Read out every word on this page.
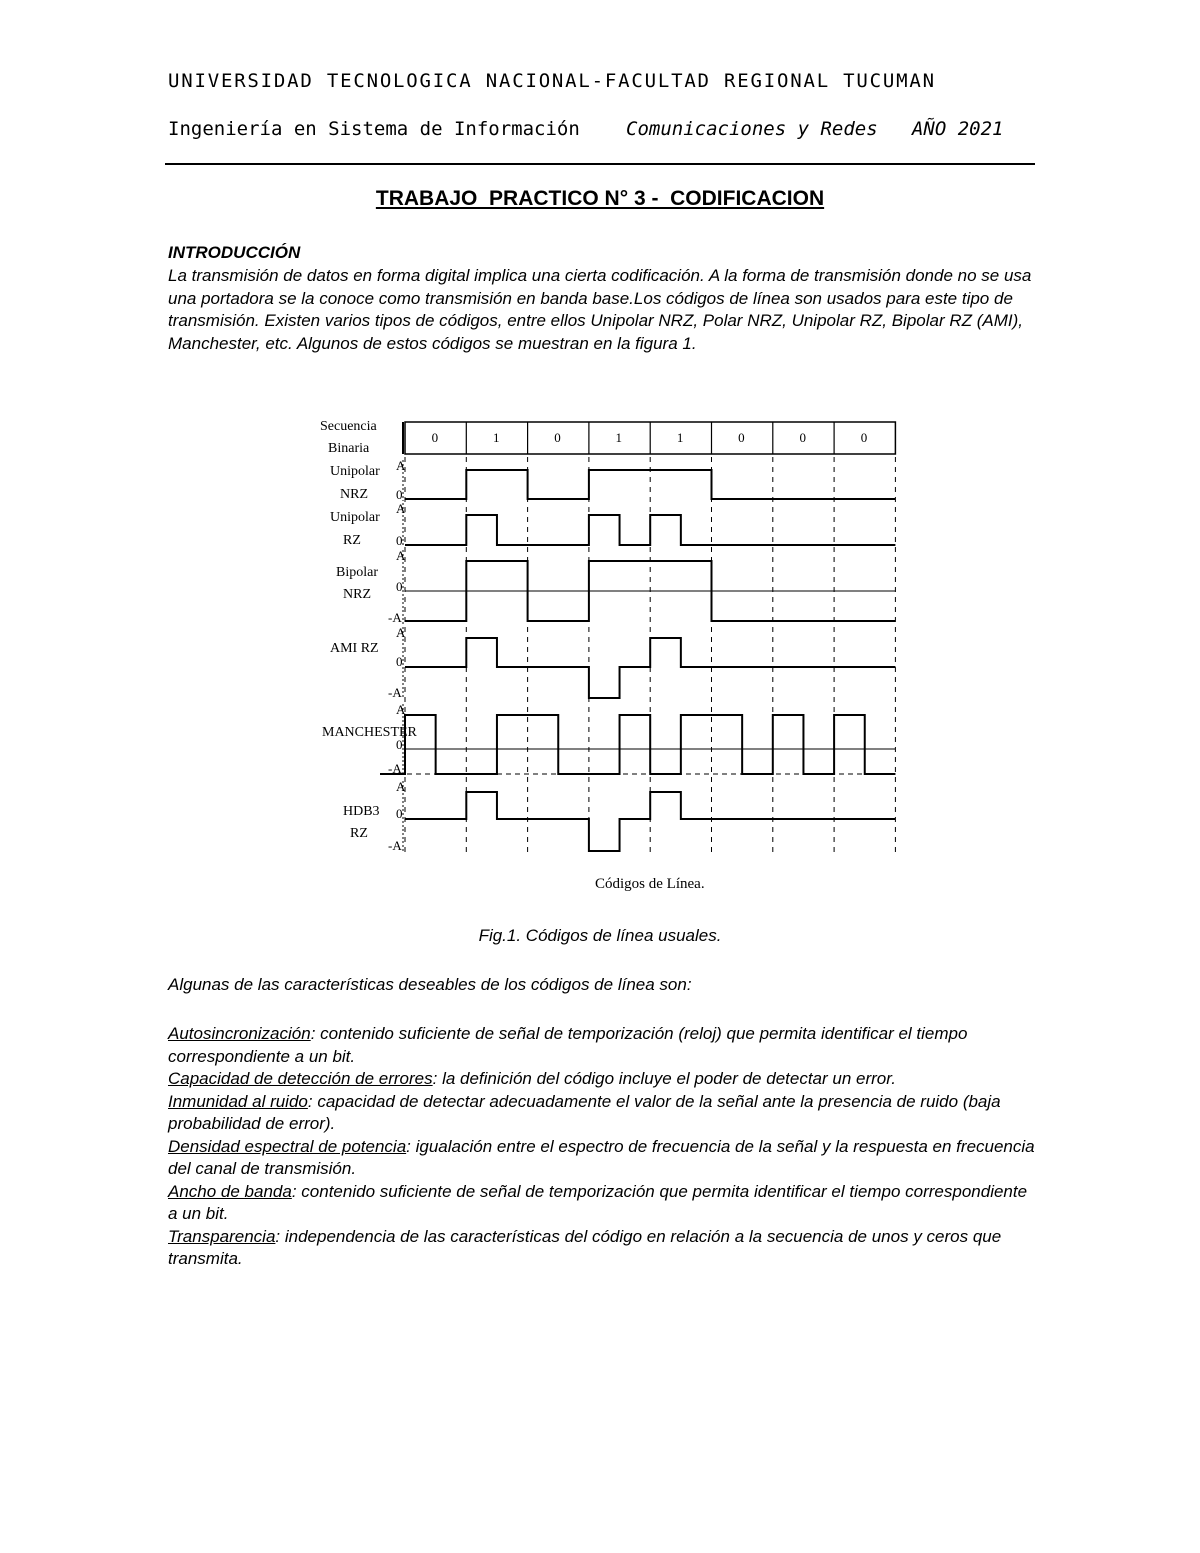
UNIVERSIDAD TECNOLOGICA NACIONAL-FACULTAD REGIONAL TUCUMAN
Ingeniería en Sistema de Información Comunicaciones y Redes   AÑO 2021
TRABAJO  PRACTICO N° 3 -  CODIFICACION
INTRODUCCIÓN

La transmisión de datos en forma digital implica una cierta codificación. A la forma de transmisión donde no se usa una portadora se la conoce como transmisión en banda base.Los códigos de línea son usados para este tipo de transmisión. Existen varios tipos de códigos, entre ellos Unipolar NRZ, Polar NRZ, Unipolar RZ, Bipolar RZ (AMI), Manchester, etc. Algunos de estos códigos se muestran en la figura 1.

Secuencia
Binaria
0	1	0	1	1	0	0	0
Unipolar
NRZ
A
0
Unipolar
RZ
A
0
Bipolar
NRZ
A
0
-A
AMI RZ
A
0
-A
MANCHESTER
A
0
-A
HDB3
RZ
A
0
-A
Códigos de Línea.
Fig.1. Códigos de línea usuales.
Algunas de las características deseables de los códigos de línea son:

Autosincronización: contenido suficiente de señal de temporización (reloj) que permita identificar el tiempo correspondiente a un bit.

Capacidad de detección de errores: la definición del código incluye el poder de detectar un error.

Inmunidad al ruido: capacidad de detectar adecuadamente el valor de la señal ante la presencia de ruido (baja probabilidad de error).

Densidad espectral de potencia: igualación entre el espectro de frecuencia de la señal y la respuesta en frecuencia del canal de transmisión.

Ancho de banda: contenido suficiente de señal de temporización que permita identificar el tiempo correspondiente a un bit.

Transparencia: independencia de las características del código en relación a la secuencia de unos y ceros que transmita.
